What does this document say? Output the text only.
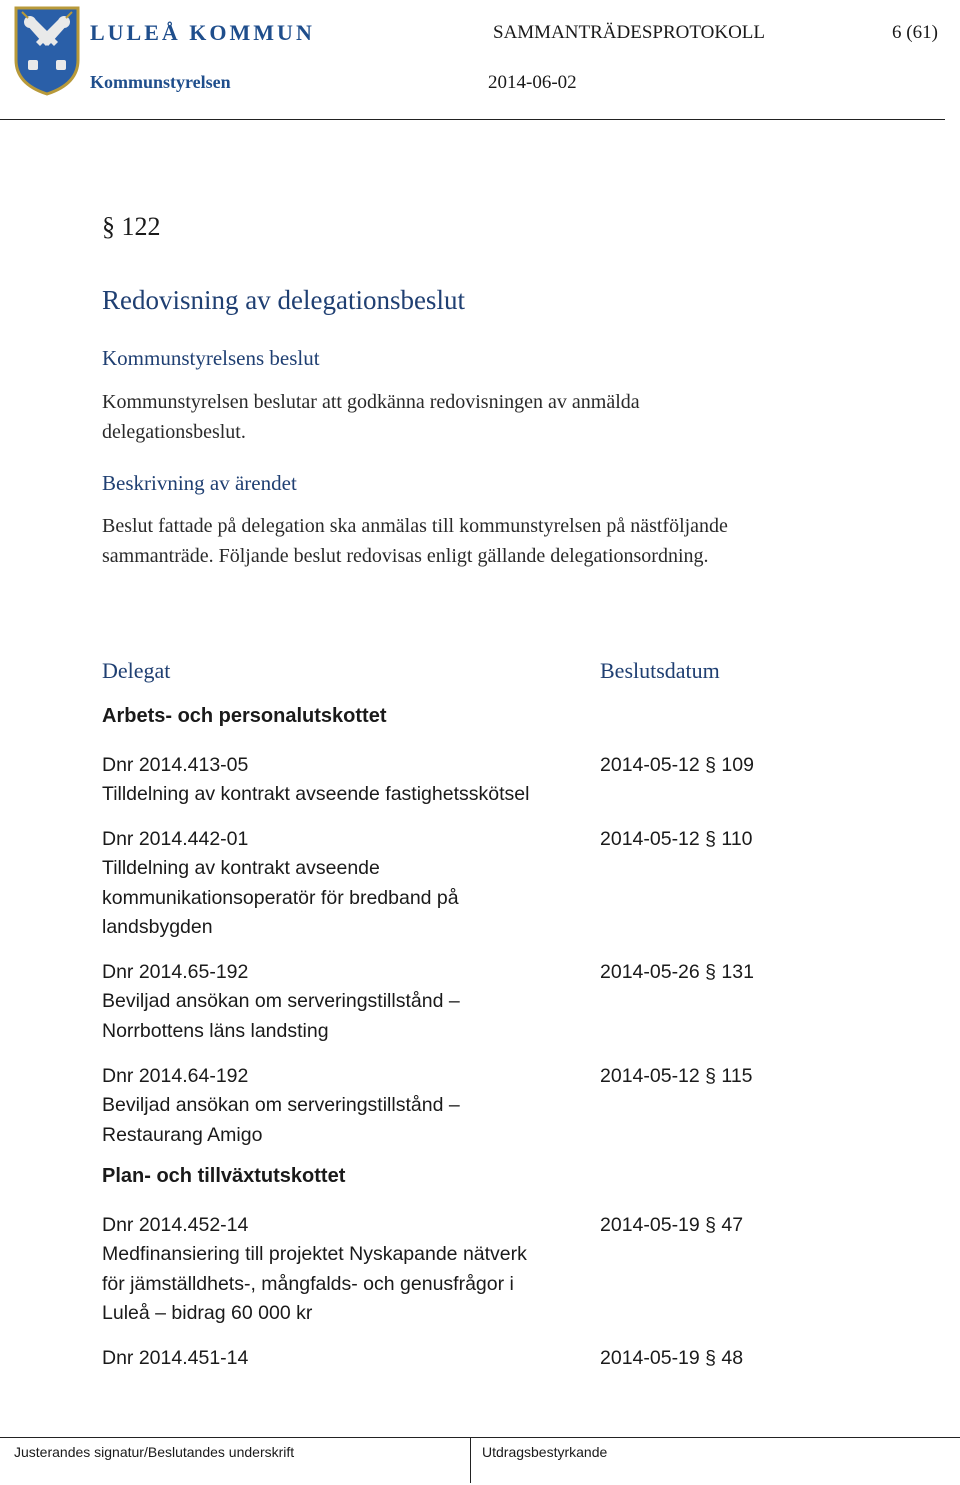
LULEÅ KOMMUN
Kommunstyrelsen
SAMMANTRÄDESPROTOKOLL	6 (61)
2014-06-02
§ 122
Redovisning av delegationsbeslut
Kommunstyrelsens beslut
Kommunstyrelsen beslutar att godkänna redovisningen av anmälda delegationsbeslut.
Beskrivning av ärendet
Beslut fattade på delegation ska anmälas till kommunstyrelsen på nästföljande sammanträde. Följande beslut redovisas enligt gällande delegationsordning.
Delegat	Beslutsdatum
Arbets- och personalutskottet
Dnr 2014.413-05	2014-05-12 § 109
Tilldelning av kontrakt avseende fastighetsskötsel
Dnr 2014.442-01	2014-05-12 § 110
Tilldelning av kontrakt avseende kommunikationsoperatör för bredband på landsbygden
Dnr 2014.65-192	2014-05-26 § 131
Beviljad ansökan om serveringstillstånd – Norrbottens läns landsting
Dnr 2014.64-192	2014-05-12 § 115
Beviljad ansökan om serveringstillstånd – Restaurang Amigo
Plan- och tillväxtutskottet
Dnr 2014.452-14	2014-05-19 § 47
Medfinansiering till projektet Nyskapande nätverk för jämställdhets-, mångfalds- och genusfrågor i Luleå – bidrag 60 000 kr
Dnr 2014.451-14	2014-05-19 § 48
Justerandes signatur/Beslutandes underskrift	Utdragsbestyrkande
